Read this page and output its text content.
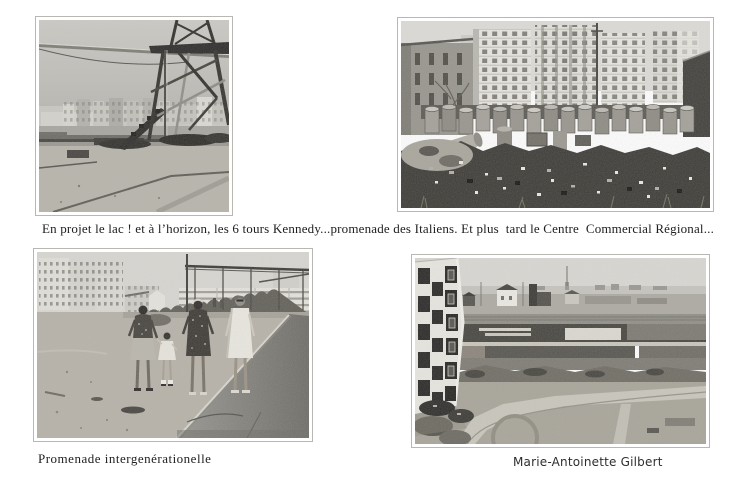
En projet le lac ! et à l’horizon, les 6 tours Kennedy...promenade des Italiens. Et plus  tard le Centre  Commercial Régional...

Promenade intergenérationelle	Marie-Antoinette Gilbert
